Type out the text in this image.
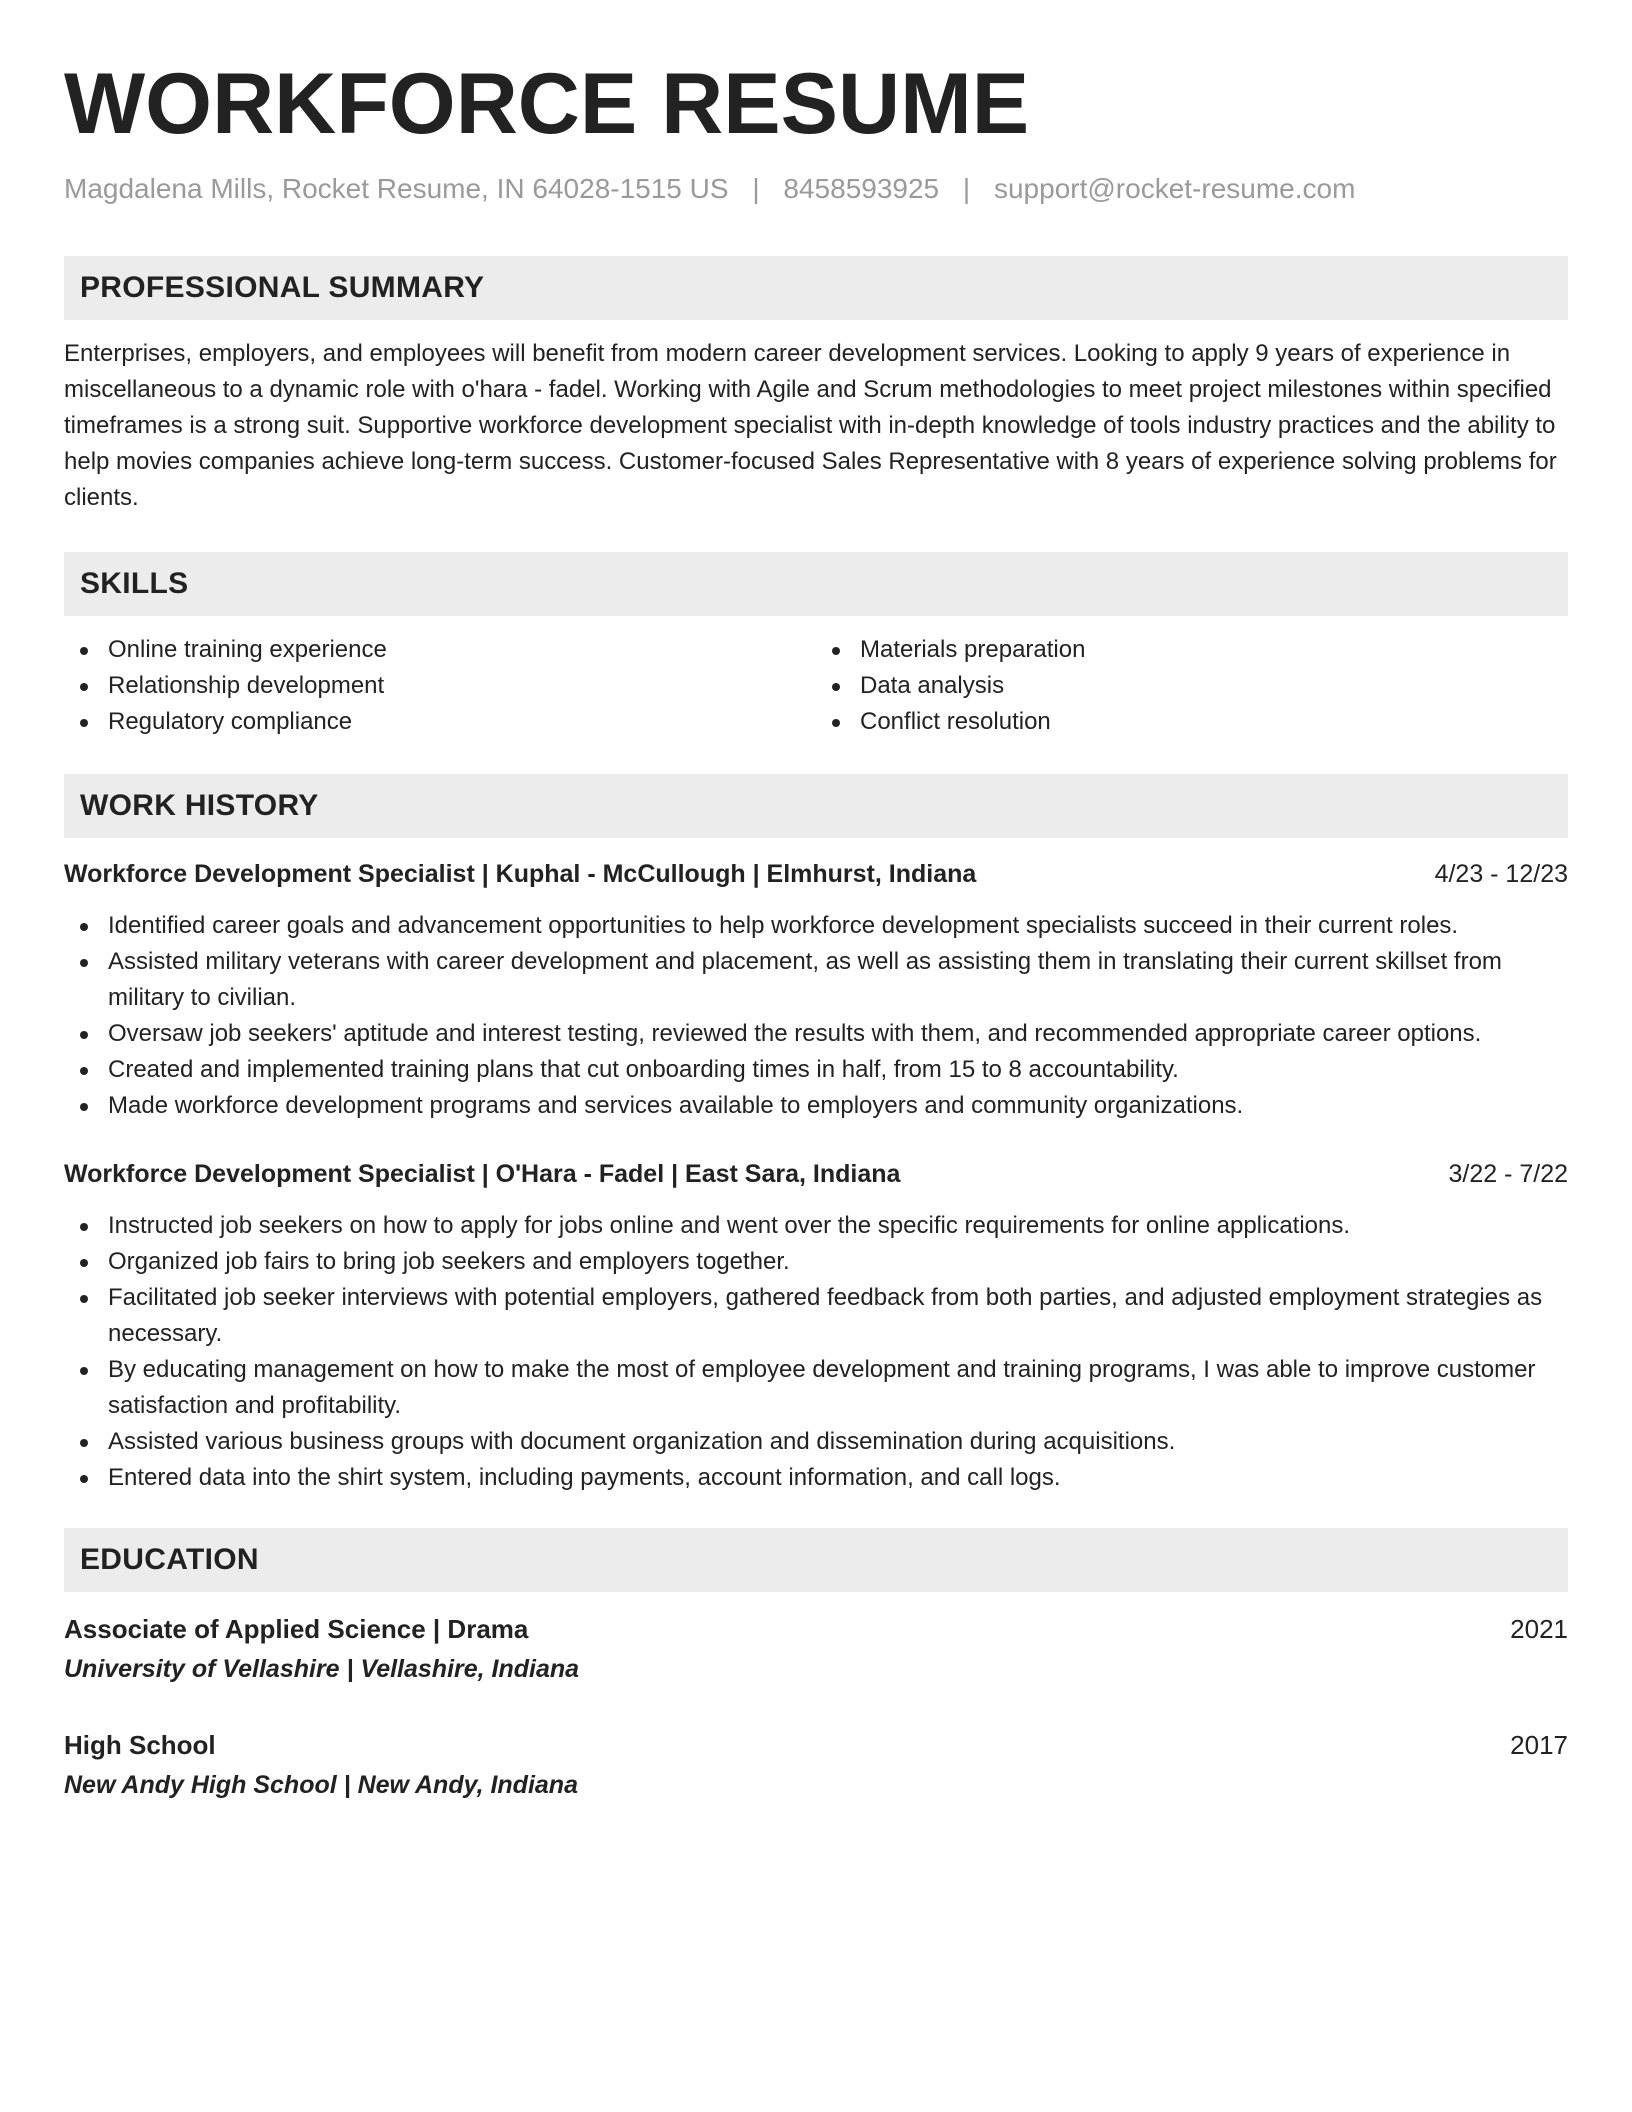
WORKFORCE RESUME
Magdalena Mills, Rocket Resume, IN 64028-1515 US | 8458593925 | support@rocket-resume.com
PROFESSIONAL SUMMARY

Enterprises, employers, and employees will benefit from modern career development services. Looking to apply 9 years of experience in miscellaneous to a dynamic role with o'hara - fadel. Working with Agile and Scrum methodologies to meet project milestones within specified timeframes is a strong suit. Supportive workforce development specialist with in-depth knowledge of tools industry practices and the ability to help movies companies achieve long-term success. Customer-focused Sales Representative with 8 years of experience solving problems for clients.

SKILLS
Online training experience
Relationship development
Regulatory compliance
Materials preparation
Data analysis
Conflict resolution
WORK HISTORY
Workforce Development Specialist | Kuphal - McCullough | Elmhurst, Indiana	4/23 - 12/23
Identified career goals and advancement opportunities to help workforce development specialists succeed in their current roles.
Assisted military veterans with career development and placement, as well as assisting them in translating their current skillset from military to civilian.
Oversaw job seekers' aptitude and interest testing, reviewed the results with them, and recommended appropriate career options.
Created and implemented training plans that cut onboarding times in half, from 15 to 8 accountability.
Made workforce development programs and services available to employers and community organizations.
Workforce Development Specialist | O'Hara - Fadel | East Sara, Indiana	3/22 - 7/22
Instructed job seekers on how to apply for jobs online and went over the specific requirements for online applications.
Organized job fairs to bring job seekers and employers together.
Facilitated job seeker interviews with potential employers, gathered feedback from both parties, and adjusted employment strategies as necessary.
By educating management on how to make the most of employee development and training programs, I was able to improve customer satisfaction and profitability.
Assisted various business groups with document organization and dissemination during acquisitions.
Entered data into the shirt system, including payments, account information, and call logs.
EDUCATION
Associate of Applied Science | Drama	2021
University of Vellashire | Vellashire, Indiana
High School	2017
New Andy High School | New Andy, Indiana
